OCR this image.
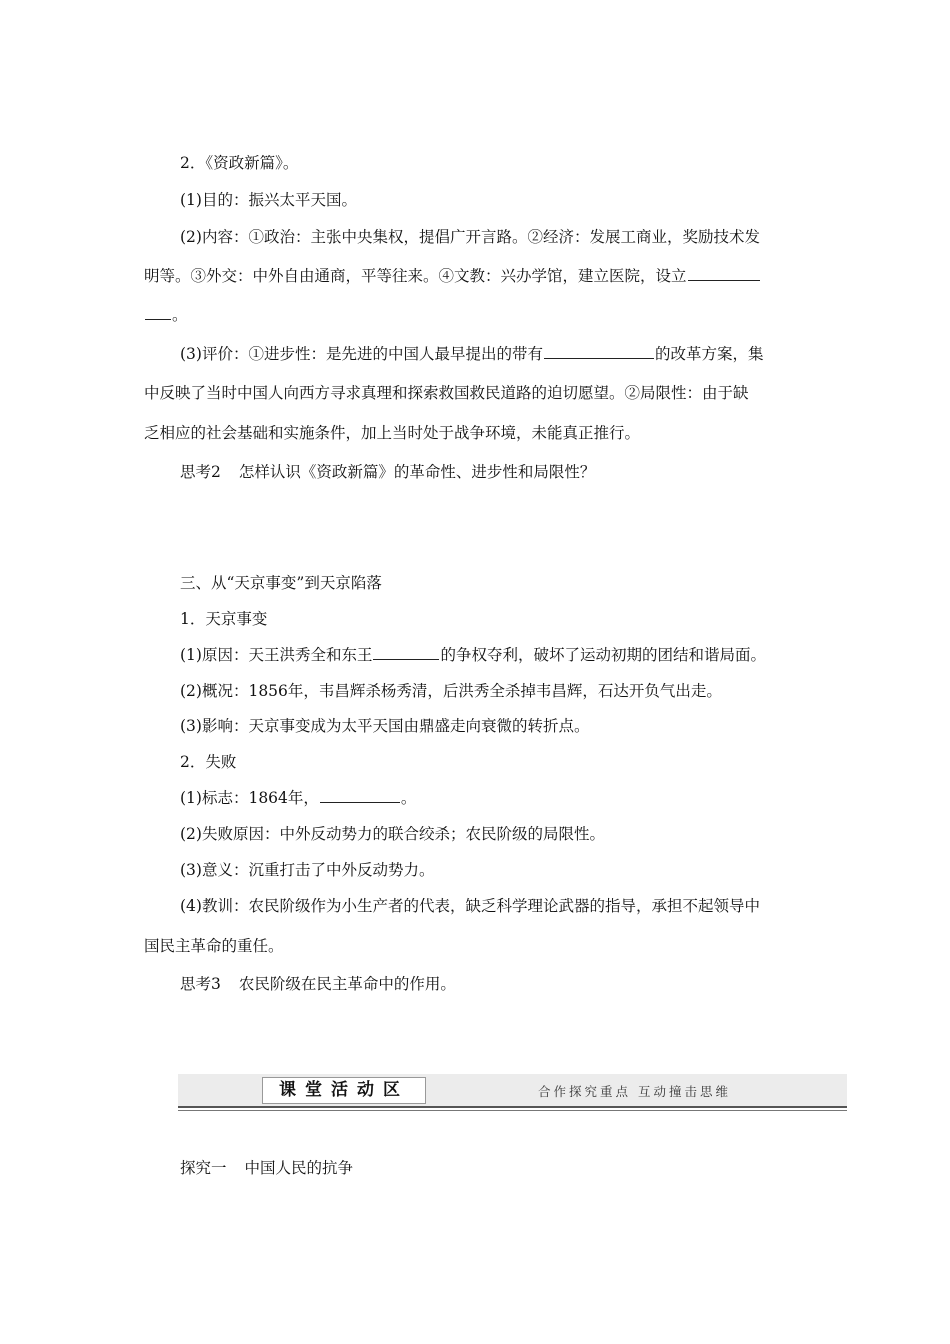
2．《资政新篇》。
(1)目的：振兴太平天国。
(2)内容：①政治：主张中央集权，提倡广开言路。②经济：发展工商业，奖励技术发
明等。③外交：中外自由通商，平等往来。④文教：兴办学馆，建立医院，设立
。
(3)评价：①进步性：是先进的中国人最早提出的带有	的改革方案，集
中反映了当时中国人向西方寻求真理和探索救国救民道路的迫切愿望。②局限性：由于缺
乏相应的社会基础和实施条件，加上当时处于战争环境，未能真正推行。
思考2 怎样认识《资政新篇》的革命性、进步性和局限性？
三、从“天京事变”到天京陷落
1．天京事变
(1)原因：天王洪秀全和东王	的争权夺利，破坏了运动初期的团结和谐局面。
(2)概况：1856年，韦昌辉杀杨秀清，后洪秀全杀掉韦昌辉，石达开负气出走。
(3)影响：天京事变成为太平天国由鼎盛走向衰微的转折点。
2．失败
(1)标志：1864年，	。
(2)失败原因：中外反动势力的联合绞杀；农民阶级的局限性。
(3)意义：沉重打击了中外反动势力。
(4)教训：农民阶级作为小生产者的代表，缺乏科学理论武器的指导，承担不起领导中
国民主革命的重任。
思考3 农民阶级在民主革命中的作用。
课堂活动区	合作探究重点 互动撞击思维
探究一 中国人民的抗争
